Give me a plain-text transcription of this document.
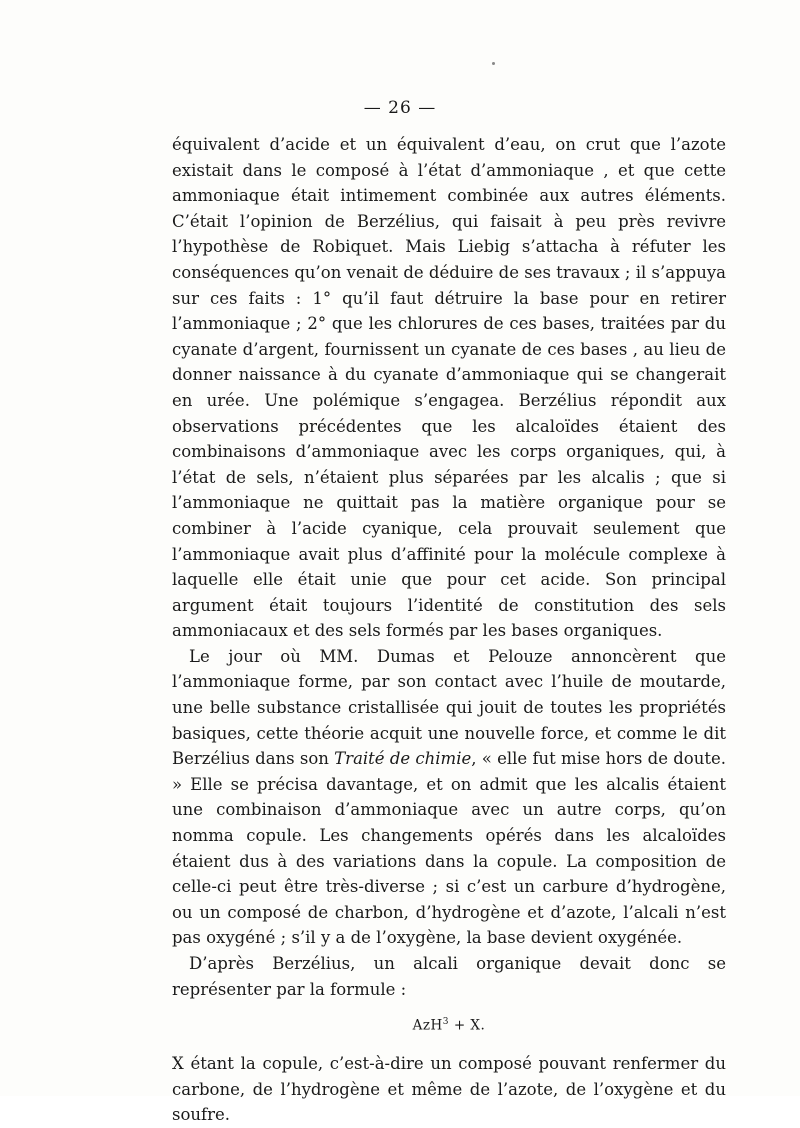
— 26 —

équivalent d’acide et un équivalent d’eau, on crut que l’azote existait dans le composé à l’état d’ammoniaque , et que cette ammoniaque était intimement combinée aux autres éléments. C’était l’opinion de Berzélius, qui faisait à peu près revivre l’hypothèse de Robiquet. Mais Liebig s’attacha à réfuter les conséquences qu’on venait de déduire de ses travaux ; il s’appuya sur ces faits : 1° qu’il faut détruire la base pour en retirer l’ammoniaque ; 2° que les chlorures de ces bases, traitées par du cyanate d’argent, fournissent un cyanate de ces bases , au lieu de donner naissance à du cyanate d’ammoniaque qui se changerait en urée. Une polémique s’engagea. Berzélius répondit aux observations précédentes que les alcaloïdes étaient des combinaisons d’ammoniaque avec les corps organiques, qui, à l’état de sels, n’étaient plus séparées par les alcalis ; que si l’ammoniaque ne quittait pas la matière organique pour se combiner à l’acide cyanique, cela prouvait seulement que l’ammoniaque avait plus d’affinité pour la molécule complexe à laquelle elle était unie que pour cet acide. Son principal argument était toujours l’identité de constitution des sels ammoniacaux et des sels formés par les bases organiques.

Le jour où MM. Dumas et Pelouze annoncèrent que l’ammoniaque forme, par son contact avec l’huile de moutarde, une belle substance cristallisée qui jouit de toutes les propriétés basiques, cette théorie acquit une nouvelle force, et comme le dit Berzélius dans son Traité de chimie, « elle fut mise hors de doute. » Elle se précisa davantage, et on admit que les alcalis étaient une combinaison d’ammoniaque avec un autre corps, qu’on nomma copule. Les changements opérés dans les alcaloïdes étaient dus à des variations dans la copule. La composition de celle-ci peut être très-diverse ; si c’est un carbure d’hydrogène, ou un composé de charbon, d’hydrogène et d’azote, l’alcali n’est pas oxygéné ; s’il y a de l’oxygène, la base devient oxygénée.

D’après Berzélius, un alcali organique devait donc se représenter par la formule :

AzH$^3$ + X.

X étant la copule, c’est-à-dire un composé pouvant renfermer du carbone, de l’hydrogène et même de l’azote, de l’oxygène et du soufre.
